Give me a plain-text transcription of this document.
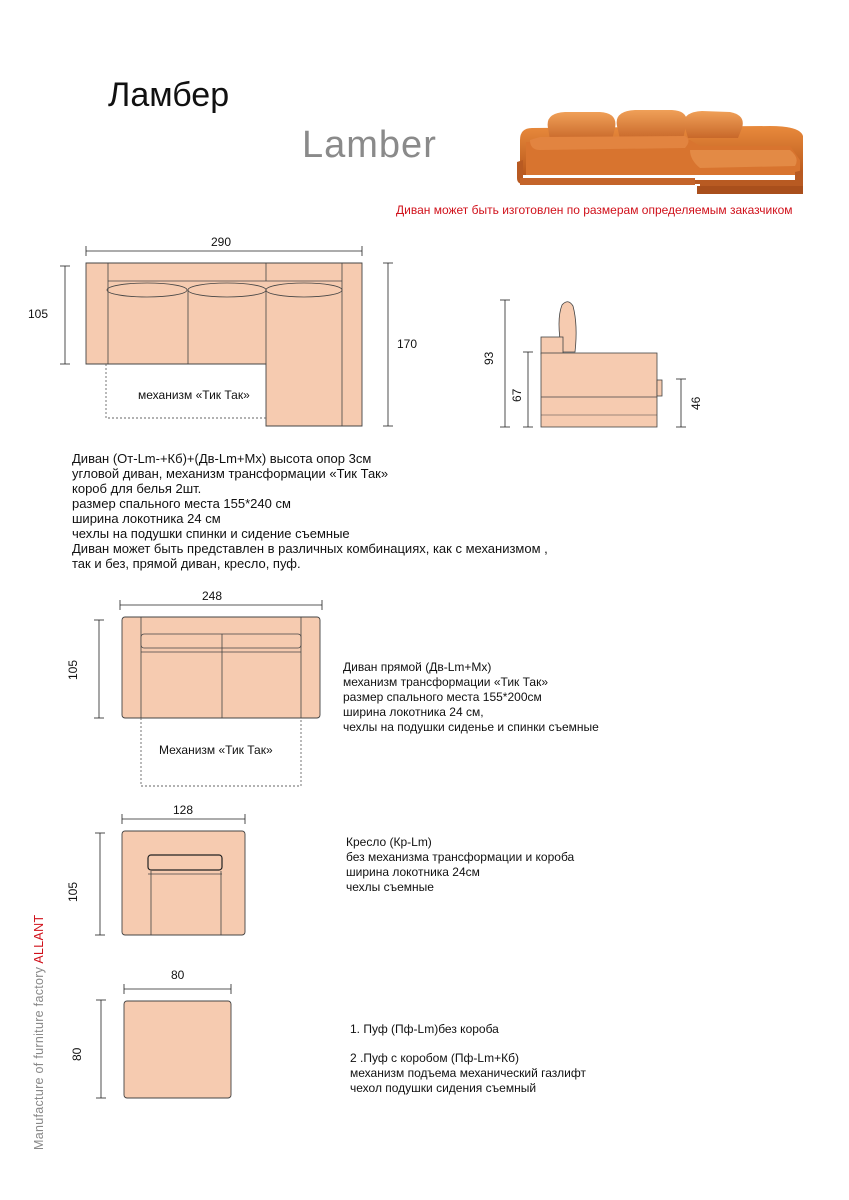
Ламбер
Lamber
Диван может быть изготовлен по размерам определяемым заказчиком
290
105
170
механизм «Тик Так»
93
67
46
Диван (От-Lm-+Кб)+(Дв-Lm+Мх) высота опор 3см
угловой диван, механизм трансформации «Тик Так»
короб для белья 2шт.
размер спального места 155*240 см
ширина локотника 24 см
чехлы на подушки спинки и сидение съемные
Диван может быть представлен в различных комбинациях, как с механизмом ,
так и без, прямой диван, кресло, пуф.
248
105
Механизм «Тик Так»
Диван прямой (Дв-Lm+Мх)
механизм трансформации «Тик Так»
размер спального места 155*200см
ширина локотника 24 см,
чехлы на подушки сиденье и спинки съемные
128
105
Кресло (Кр-Lm)
без механизма трансформации и короба
ширина локотника 24см
чехлы съемные
80
80
1. Пуф (Пф-Lm)без короба
2 .Пуф с коробом (Пф-Lm+Кб)
механизм подъема механический газлифт
чехол подушки сидения съемный
Manufacture of furniture factory ALLANT
